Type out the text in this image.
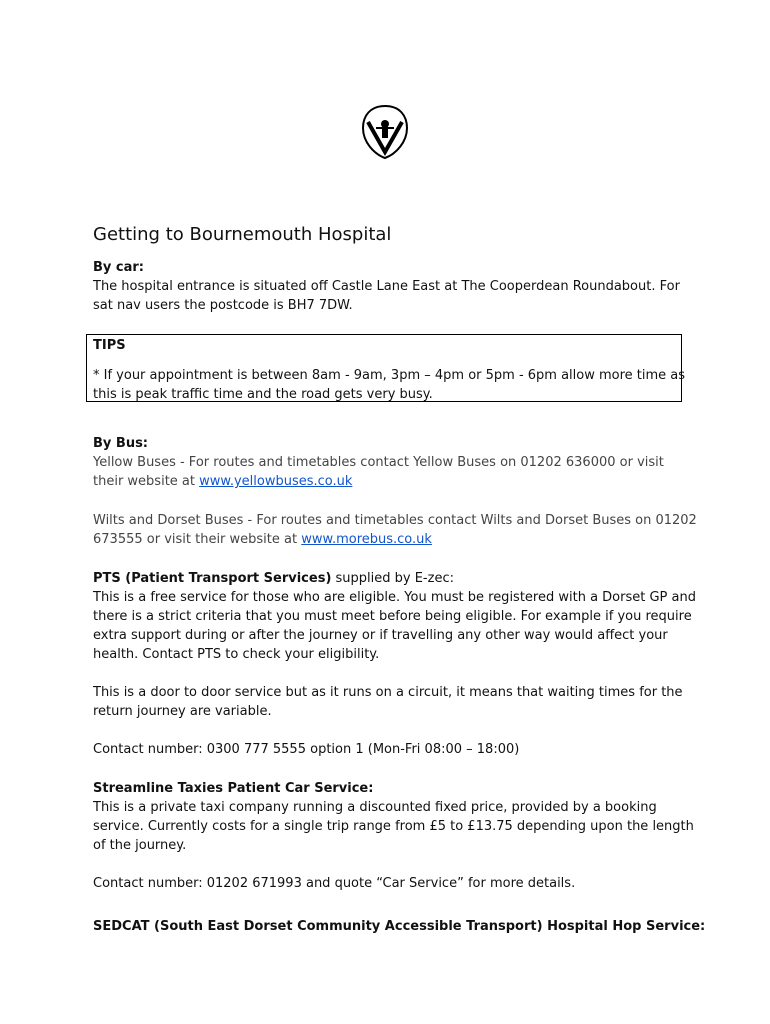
Getting to Bournemouth Hospital
By car:
The hospital entrance is situated off Castle Lane East at The Cooperdean Roundabout. For
sat nav users the postcode is BH7 7DW.
TIPS
* If your appointment is between 8am - 9am, 3pm – 4pm or 5pm - 6pm allow more time as
this is peak traffic time and the road gets very busy.
By Bus:
Yellow Buses - For routes and timetables contact Yellow Buses on 01202 636000 or visit
their website at www.yellowbuses.co.uk
Wilts and Dorset Buses - For routes and timetables contact Wilts and Dorset Buses on 01202
673555 or visit their website at www.morebus.co.uk
PTS (Patient Transport Services) supplied by E-zec:
This is a free service for those who are eligible. You must be registered with a Dorset GP and
there is a strict criteria that you must meet before being eligible. For example if you require
extra support during or after the journey or if travelling any other way would affect your
health. Contact PTS to check your eligibility.
This is a door to door service but as it runs on a circuit, it means that waiting times for the
return journey are variable.
Contact number: 0300 777 5555 option 1 (Mon-Fri 08:00 – 18:00)
Streamline Taxies Patient Car Service:
This is a private taxi company running a discounted fixed price, provided by a booking
service. Currently costs for a single trip range from £5 to £13.75 depending upon the length
of the journey.
Contact number: 01202 671993 and quote “Car Service” for more details.
SEDCAT (South East Dorset Community Accessible Transport) Hospital Hop Service:
